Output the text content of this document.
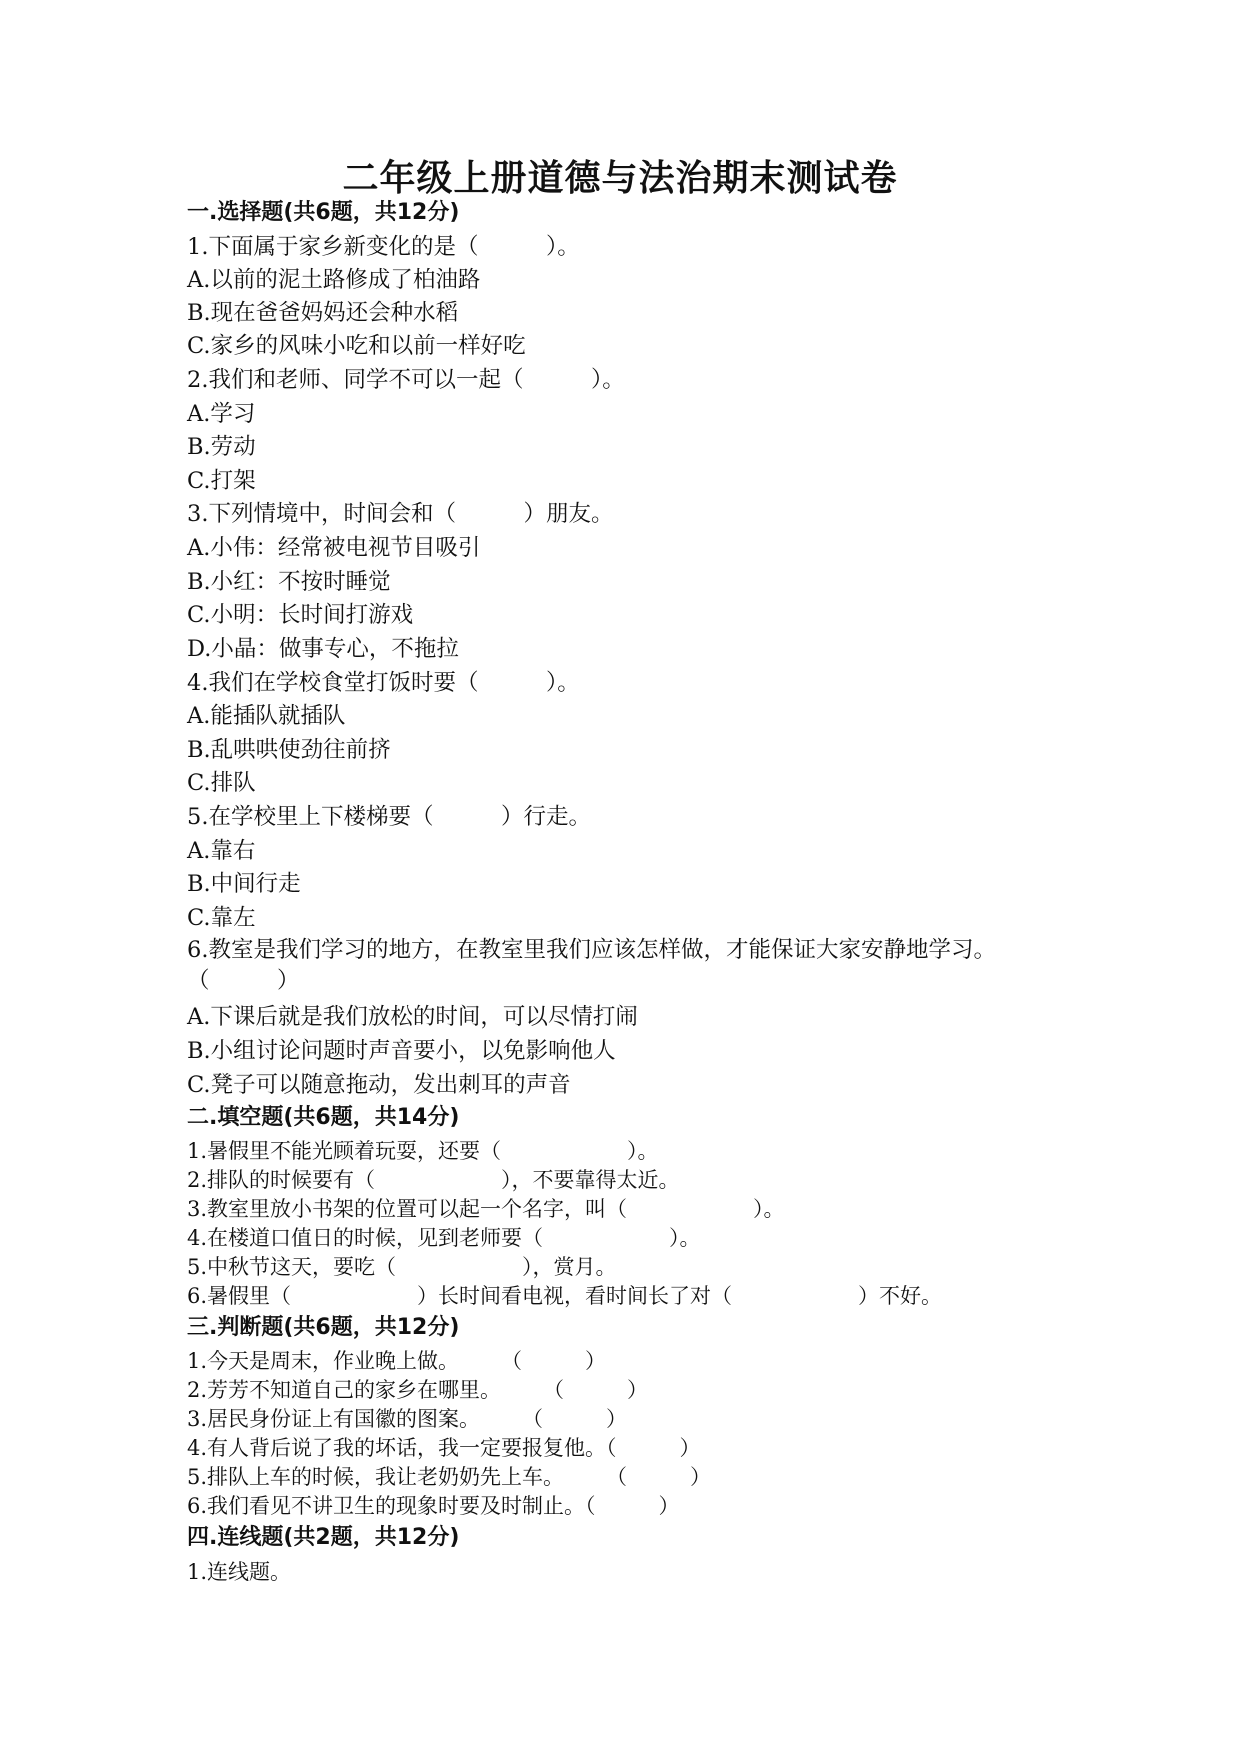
二年级上册道德与法治期末测试卷
一.选择题(共6题，共12分)
1.下面属于家乡新变化的是（　　　）。
A.以前的泥土路修成了柏油路
B.现在爸爸妈妈还会种水稻
C.家乡的风味小吃和以前一样好吃
2.我们和老师、同学不可以一起（　　　）。
A.学习
B.劳动
C.打架
3.下列情境中，时间会和（　　　）朋友。
A.小伟：经常被电视节目吸引
B.小红：不按时睡觉
C.小明：长时间打游戏
D.小晶：做事专心，不拖拉
4.我们在学校食堂打饭时要（　　　）。
A.能插队就插队
B.乱哄哄使劲往前挤
C.排队
5.在学校里上下楼梯要（　　　）行走。
A.靠右
B.中间行走
C.靠左
6.教室是我们学习的地方，在教室里我们应该怎样做，才能保证大家安静地学习。（　　　）
A.下课后就是我们放松的时间，可以尽情打闹
B.小组讨论问题时声音要小，以免影响他人
C.凳子可以随意拖动，发出刺耳的声音
二.填空题(共6题，共14分)
1.暑假里不能光顾着玩耍，还要（　　　　　　）。
2.排队的时候要有（　　　　　　），不要靠得太近。
3.教室里放小书架的位置可以起一个名字，叫（　　　　　　）。
4.在楼道口值日的时候，见到老师要（　　　　　　）。
5.中秋节这天，要吃（　　　　　　），赏月。
6.暑假里（　　　　　　）长时间看电视，看时间长了对（　　　　　　）不好。
三.判断题(共6题，共12分)
1.今天是周末，作业晚上做。　　　（　　　）
2.芳芳不知道自己的家乡在哪里。　　　（　　　）
3.居民身份证上有国徽的图案。　　　（　　　）
4.有人背后说了我的坏话，我一定要报复他。（　　　）
5.排队上车的时候，我让老奶奶先上车。　　　（　　　）
6.我们看见不讲卫生的现象时要及时制止。（　　　）
四.连线题(共2题，共12分)
1.连线题。
